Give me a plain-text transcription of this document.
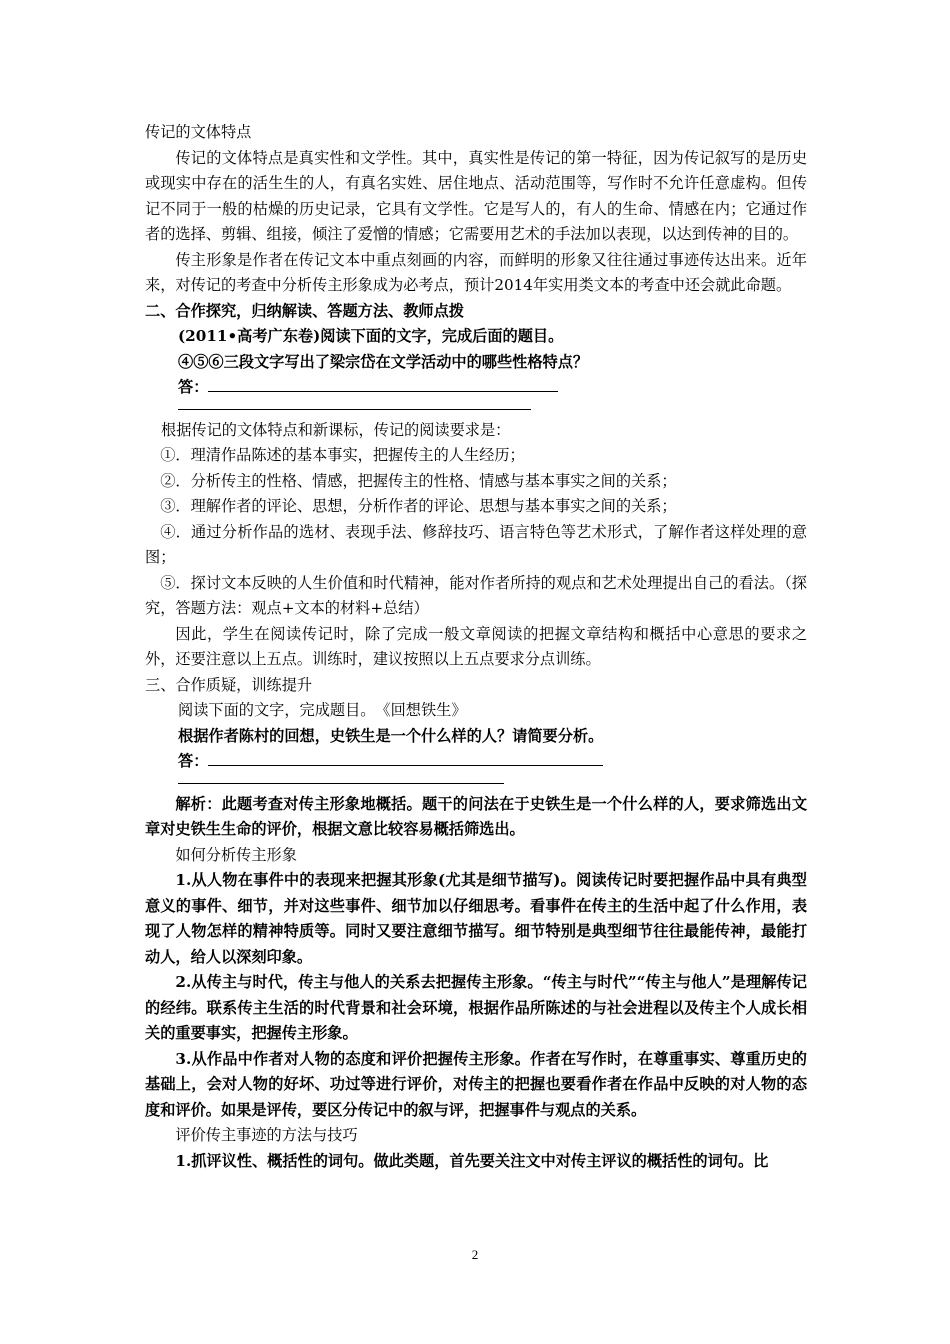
传记的文体特点

传记的文体特点是真实性和文学性。其中，真实性是传记的第一特征，因为传记叙写的是历史或现实中存在的活生生的人，有真名实姓、居住地点、活动范围等，写作时不允许任意虚构。但传记不同于一般的枯燥的历史记录，它具有文学性。它是写人的，有人的生命、情感在内；它通过作者的选择、剪辑、组接，倾注了爱憎的情感；它需要用艺术的手法加以表现，以达到传神的目的。

传主形象是作者在传记文本中重点刻画的内容，而鲜明的形象又往往通过事迹传达出来。近年来，对传记的考查中分析传主形象成为必考点，预计2014年实用类文本的考查中还会就此命题。

二、合作探究，归纳解读、答题方法、教师点拨

(2011•高考广东卷)阅读下面的文字，完成后面的题目。

④⑤⑥三段文字写出了梁宗岱在文学活动中的哪些性格特点？

答：

根据传记的文体特点和新课标，传记的阅读要求是：

①．理清作品陈述的基本事实，把握传主的人生经历；

②．分析传主的性格、情感，把握传主的性格、情感与基本事实之间的关系；

③．理解作者的评论、思想，分析作者的评论、思想与基本事实之间的关系；

④．通过分析作品的选材、表现手法、修辞技巧、语言特色等艺术形式，了解作者这样处理的意图；

⑤．探讨文本反映的人生价值和时代精神，能对作者所持的观点和艺术处理提出自己的看法。（探究，答题方法：观点+文本的材料+总结）

因此，学生在阅读传记时，除了完成一般文章阅读的把握文章结构和概括中心意思的要求之外，还要注意以上五点。训练时，建议按照以上五点要求分点训练。

三、合作质疑，训练提升

阅读下面的文字，完成题目。　《回想铁生》

根据作者陈村的回想，史铁生是一个什么样的人？请简要分析。

答：

解析：此题考查对传主形象地概括。题干的问法在于史铁生是一个什么样的人，要求筛选出文章对史铁生生命的评价，根据文意比较容易概括筛选出。

如何分析传主形象

1.从人物在事件中的表现来把握其形象(尤其是细节描写)。阅读传记时要把握作品中具有典型意义的事件、细节，并对这些事件、细节加以仔细思考。看事件在传主的生活中起了什么作用，表现了人物怎样的精神特质等。同时又要注意细节描写。细节特别是典型细节往往最能传神，最能打动人，给人以深刻印象。

2.从传主与时代，传主与他人的关系去把握传主形象。“传主与时代”“传主与他人”是理解传记的经纬。联系传主生活的时代背景和社会环境，根据作品所陈述的与社会进程以及传主个人成长相关的重要事实，把握传主形象。

3.从作品中作者对人物的态度和评价把握传主形象。作者在写作时，在尊重事实、尊重历史的基础上，会对人物的好坏、功过等进行评价，对传主的把握也要看作者在作品中反映的对人物的态度和评价。如果是评传，要区分传记中的叙与评，把握事件与观点的关系。

评价传主事迹的方法与技巧

1.抓评议性、概括性的词句。做此类题，首先要关注文中对传主评议的概括性的词句。比

2
